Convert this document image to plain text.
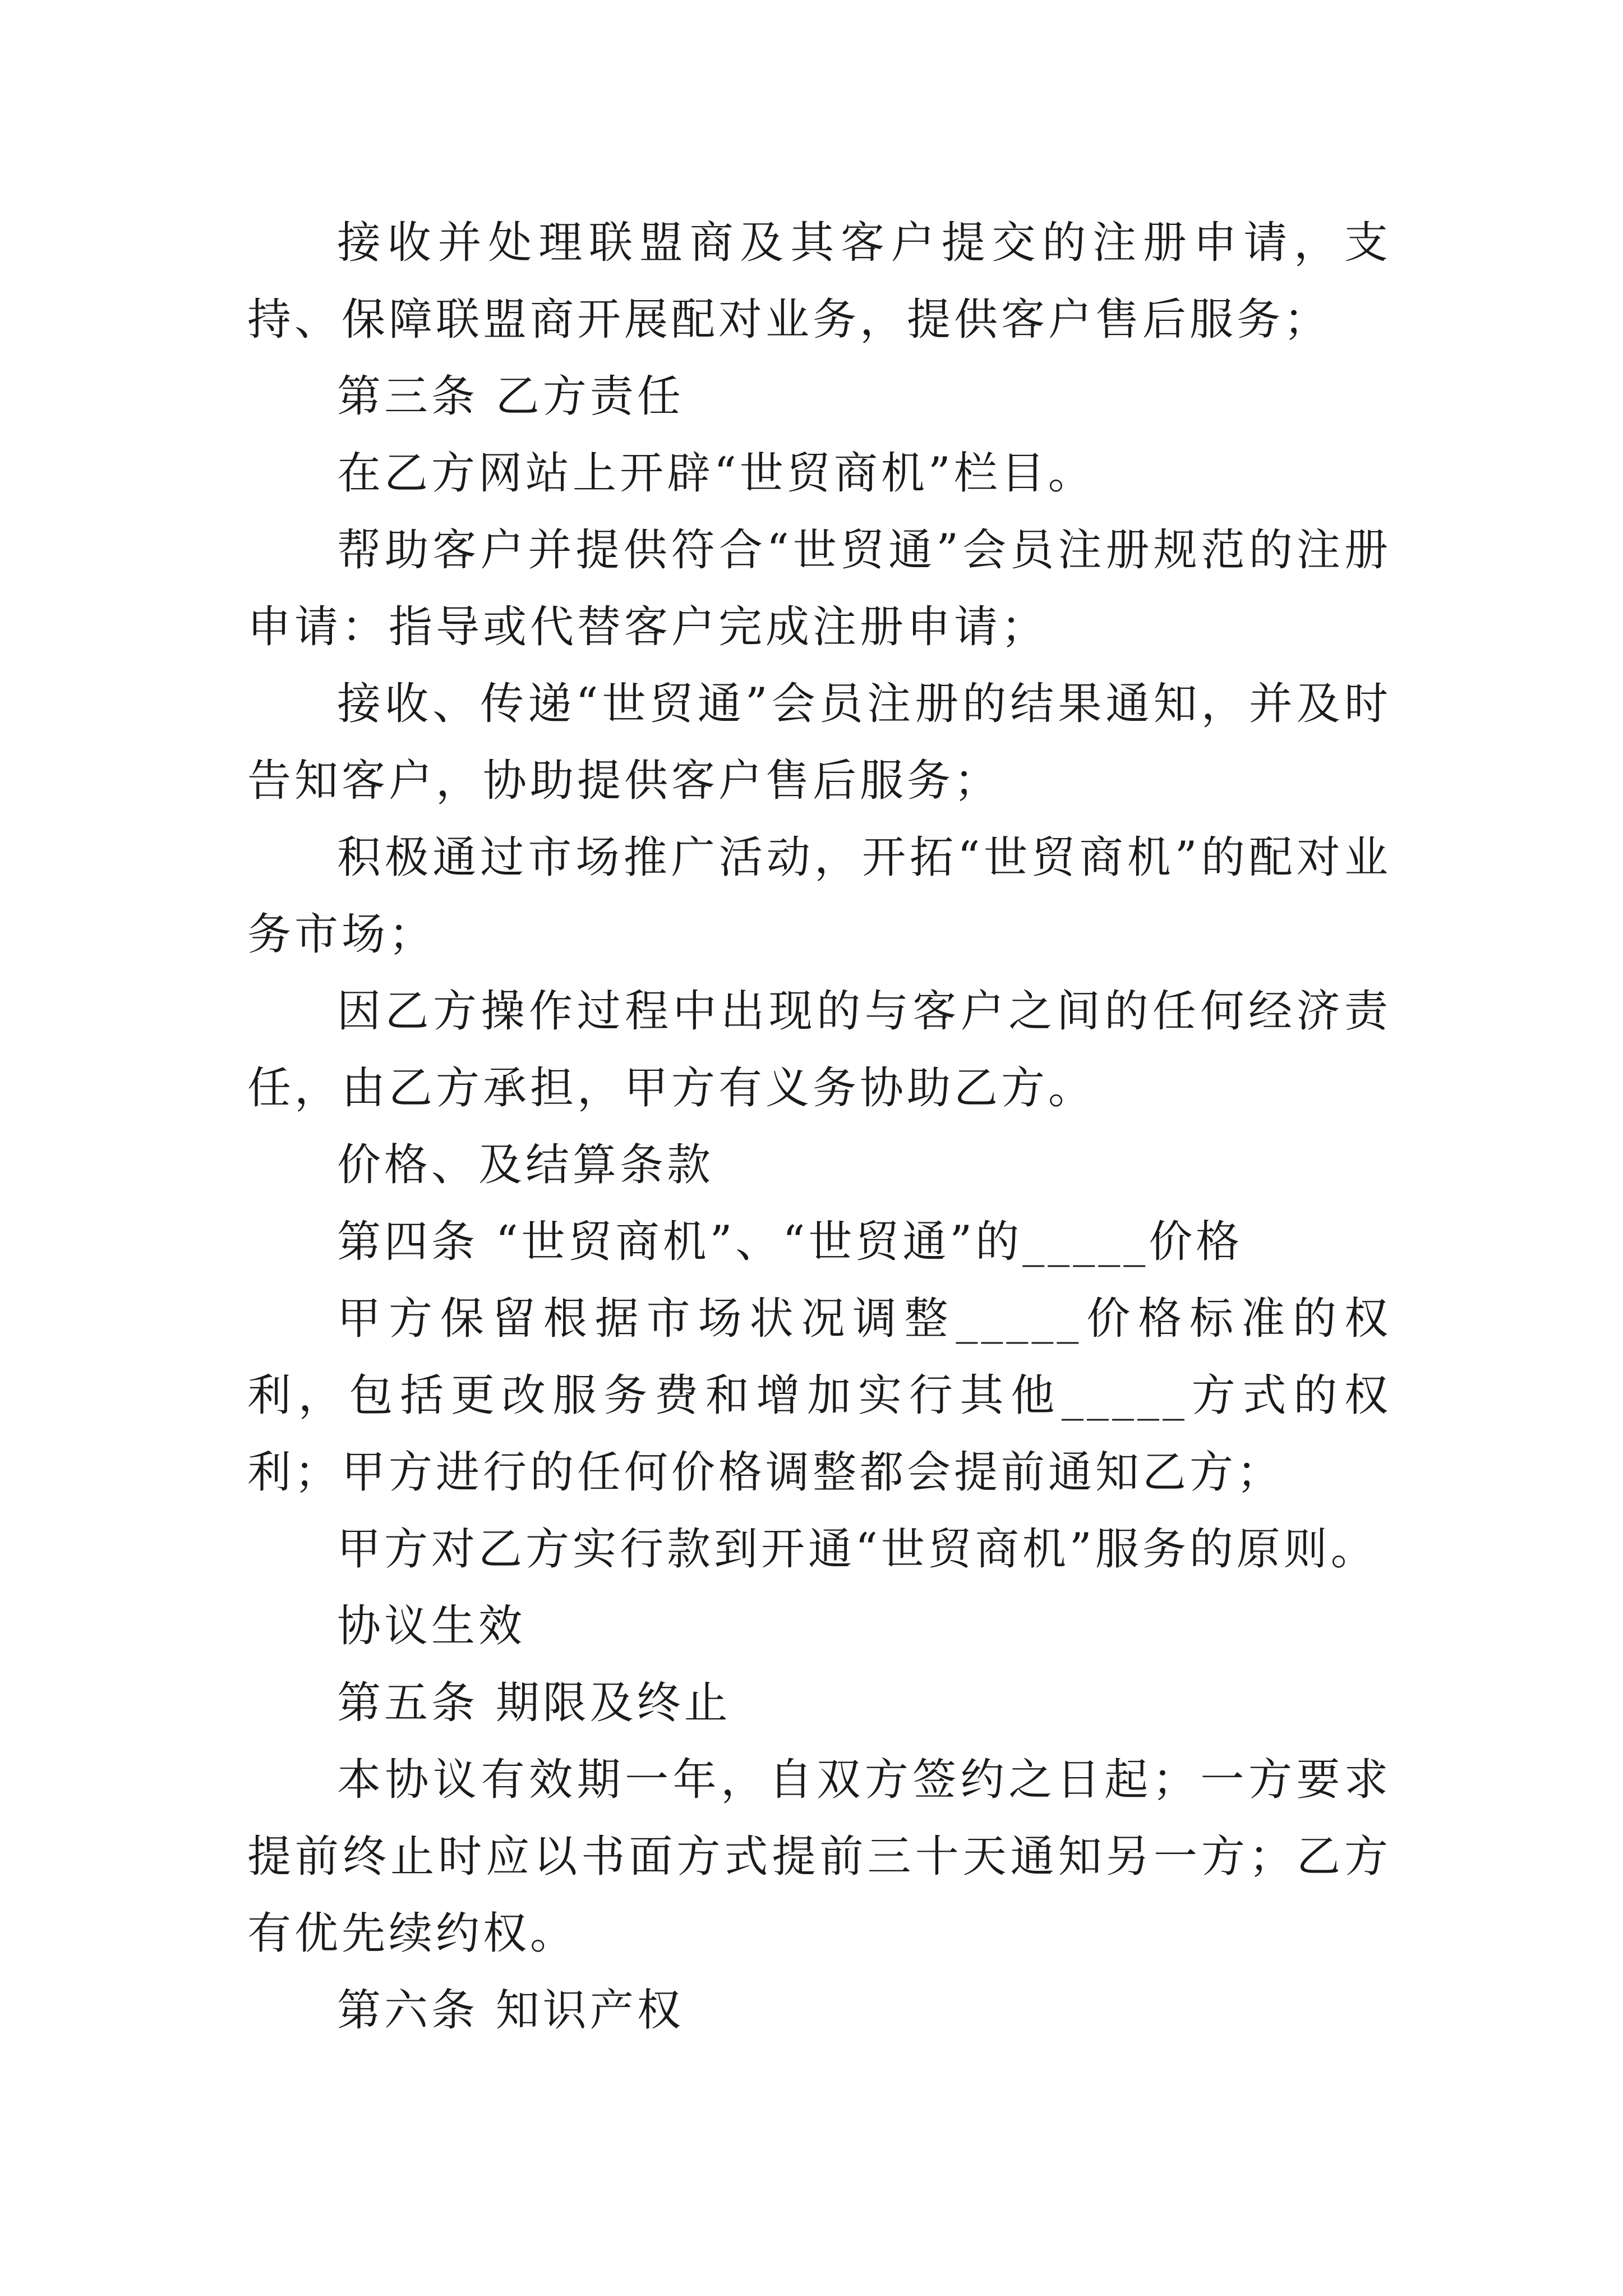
接收并处理联盟商及其客户提交的注册申请，支持、保障联盟商开展配对业务，提供客户售后服务；

第三条 乙方责任

在乙方网站上开辟“世贸商机”栏目。

帮助客户并提供符合“世贸通”会员注册规范的注册申请：指导或代替客户完成注册申请；

接收、传递“世贸通”会员注册的结果通知，并及时告知客户，协助提供客户售后服务；

积极通过市场推广活动，开拓“世贸商机”的配对业务市场；

因乙方操作过程中出现的与客户之间的任何经济责任，由乙方承担，甲方有义务协助乙方。

价格、及结算条款

第四条 “世贸商机”、“世贸通”的_____价格

甲方保留根据市场状况调整_____价格标准的权利，包括更改服务费和增加实行其他_____方式的权利；甲方进行的任何价格调整都会提前通知乙方；

甲方对乙方实行款到开通“世贸商机”服务的原则。

协议生效

第五条 期限及终止

本协议有效期一年，自双方签约之日起；一方要求提前终止时应以书面方式提前三十天通知另一方；乙方有优先续约权。

第六条 知识产权
